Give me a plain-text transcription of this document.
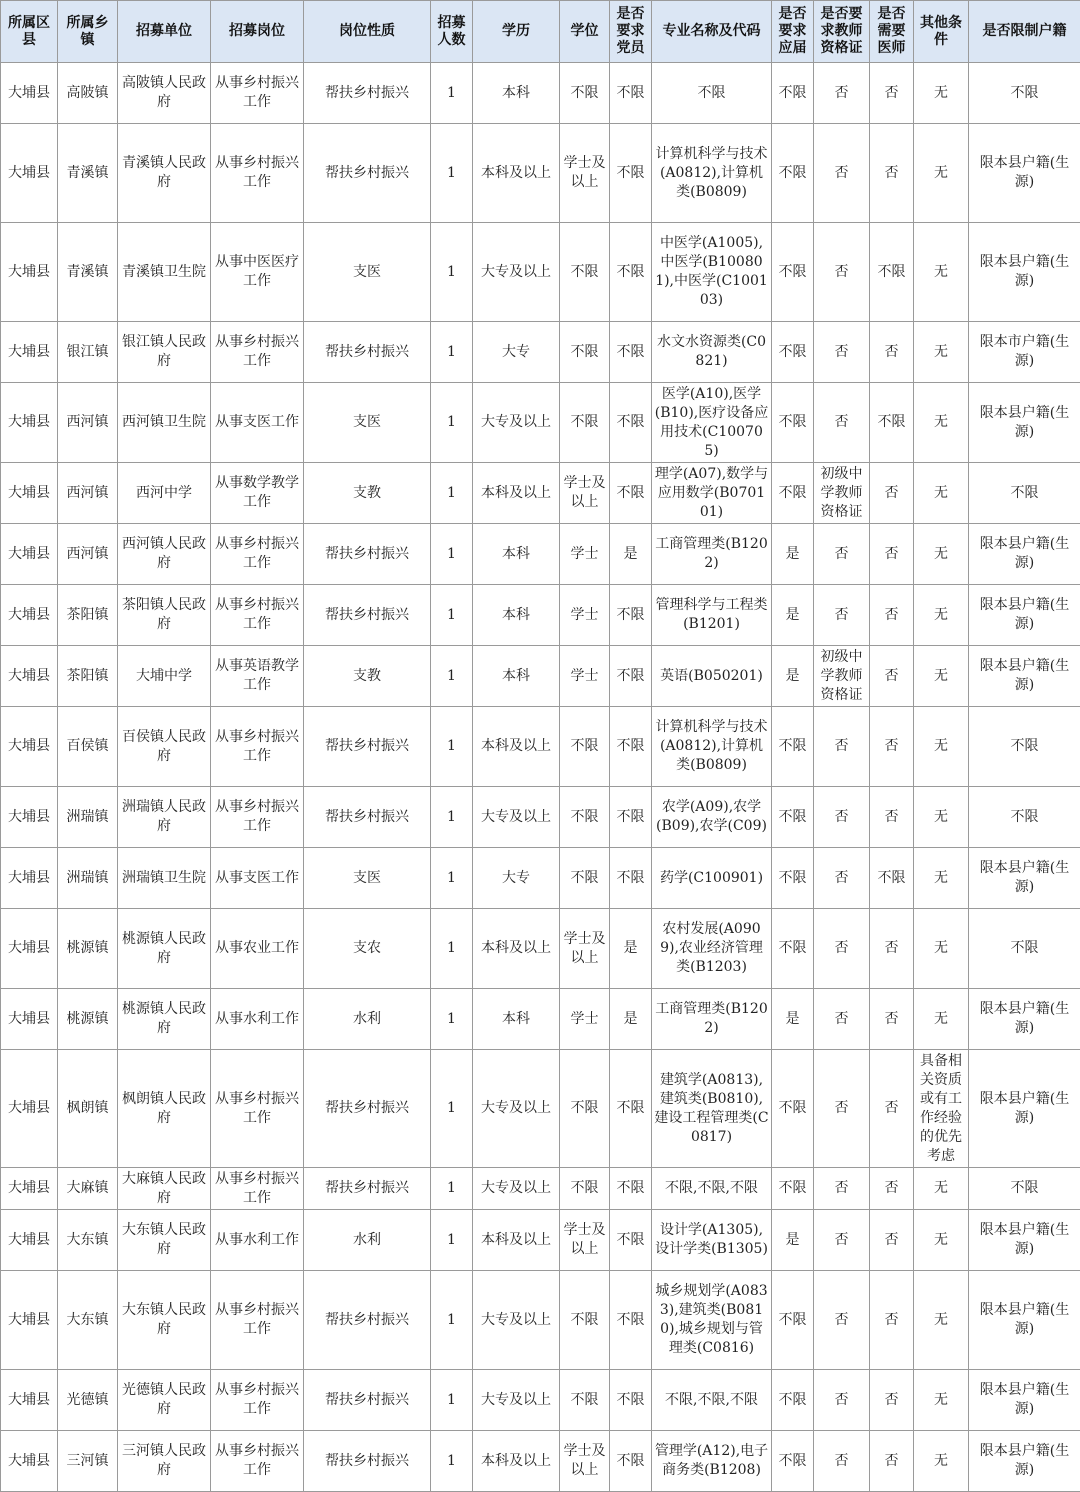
所属区县	所属乡镇	招募单位	招募岗位	岗位性质	招募人数	学历	学位	是否要求党员	专业名称及代码	是否要求应届	是否要求教师资格证	是否需要医师	其他条件	是否限制户籍
大埔县	高陂镇	高陂镇人民政府	从事乡村振兴工作	帮扶乡村振兴	1	本科	不限	不限	不限	不限	否	否	无	不限
大埔县	青溪镇	青溪镇人民政府	从事乡村振兴工作	帮扶乡村振兴	1	本科及以上	学士及以上	不限	计算机科学与技术(A0812),计算机类(B0809)	不限	否	否	无	限本县户籍(生源)
大埔县	青溪镇	青溪镇卫生院	从事中医医疗工作	支医	1	大专及以上	不限	不限	中医学(A1005),中医学(B100801),中医学(C100103)	不限	否	不限	无	限本县户籍(生源)
大埔县	银江镇	银江镇人民政府	从事乡村振兴工作	帮扶乡村振兴	1	大专	不限	不限	水文水资源类(C0821)	不限	否	否	无	限本市户籍(生源)
大埔县	西河镇	西河镇卫生院	从事支医工作	支医	1	大专及以上	不限	不限	医学(A10),医学(B10),医疗设备应用技术(C100705)	不限	否	不限	无	限本县户籍(生源)
大埔县	西河镇	西河中学	从事数学教学工作	支教	1	本科及以上	学士及以上	不限	理学(A07),数学与应用数学(B070101)	不限	初级中学教师资格证	否	无	不限
大埔县	西河镇	西河镇人民政府	从事乡村振兴工作	帮扶乡村振兴	1	本科	学士	是	工商管理类(B1202)	是	否	否	无	限本县户籍(生源)
大埔县	茶阳镇	茶阳镇人民政府	从事乡村振兴工作	帮扶乡村振兴	1	本科	学士	不限	管理科学与工程类(B1201)	是	否	否	无	限本县户籍(生源)
大埔县	茶阳镇	大埔中学	从事英语教学工作	支教	1	本科	学士	不限	英语(B050201)	是	初级中学教师资格证	否	无	限本县户籍(生源)
大埔县	百侯镇	百侯镇人民政府	从事乡村振兴工作	帮扶乡村振兴	1	本科及以上	不限	不限	计算机科学与技术(A0812),计算机类(B0809)	不限	否	否	无	不限
大埔县	洲瑞镇	洲瑞镇人民政府	从事乡村振兴工作	帮扶乡村振兴	1	大专及以上	不限	不限	农学(A09),农学(B09),农学(C09)	不限	否	否	无	不限
大埔县	洲瑞镇	洲瑞镇卫生院	从事支医工作	支医	1	大专	不限	不限	药学(C100901)	不限	否	不限	无	限本县户籍(生源)
大埔县	桃源镇	桃源镇人民政府	从事农业工作	支农	1	本科及以上	学士及以上	是	农村发展(A0909),农业经济管理类(B1203)	不限	否	否	无	不限
大埔县	桃源镇	桃源镇人民政府	从事水利工作	水利	1	本科	学士	是	工商管理类(B1202)	是	否	否	无	限本县户籍(生源)
大埔县	枫朗镇	枫朗镇人民政府	从事乡村振兴工作	帮扶乡村振兴	1	大专及以上	不限	不限	建筑学(A0813),建筑类(B0810),建设工程管理类(C0817)	不限	否	否	具备相关资质或有工作经验的优先考虑	限本县户籍(生源)
大埔县	大麻镇	大麻镇人民政府	从事乡村振兴工作	帮扶乡村振兴	1	大专及以上	不限	不限	不限,不限,不限	不限	否	否	无	不限
大埔县	大东镇	大东镇人民政府	从事水利工作	水利	1	本科及以上	学士及以上	不限	设计学(A1305),设计学类(B1305)	是	否	否	无	限本县户籍(生源)
大埔县	大东镇	大东镇人民政府	从事乡村振兴工作	帮扶乡村振兴	1	大专及以上	不限	不限	城乡规划学(A0833),建筑类(B0810),城乡规划与管理类(C0816)	不限	否	否	无	限本县户籍(生源)
大埔县	光德镇	光德镇人民政府	从事乡村振兴工作	帮扶乡村振兴	1	大专及以上	不限	不限	不限,不限,不限	不限	否	否	无	限本县户籍(生源)
大埔县	三河镇	三河镇人民政府	从事乡村振兴工作	帮扶乡村振兴	1	本科及以上	学士及以上	不限	管理学(A12),电子商务类(B1208)	不限	否	否	无	限本县户籍(生源)
